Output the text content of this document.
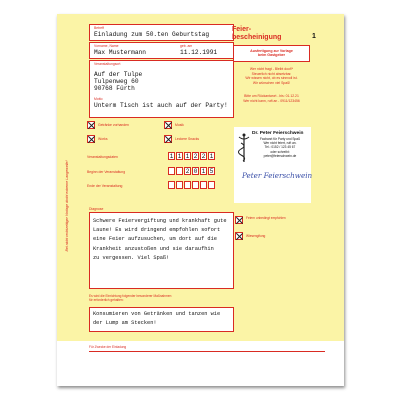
Bei nicht rechtzeitiger Vorlage droht extreme Langeweile!
Betreff
Einladung zum 50.ten Geburtstag
Vorname, Name
Max Mustermann
geb. am
11.12.1991
Veranstaltungsort
Auf der Tulpe
Tulpenweg 60
90768 Fürth
Motto
Unterm Tisch ist auch auf der Party!
Feier-
bescheinigung	1
Ausfertigung zur Vorlage
beim Gastgeber
Wer nicht fragt - Bleibt doof!*
Steuerlich nicht absetzbar.
Wir wissen nicht, ob es sinnvoll ist.
Wir wünschen viel Spaß!
Bitte um Rückantwort - bis: 01.12.21
Wer nicht kann, ruft an - 0911/123456
Getränke vorhanden	Musik
Works	Leckere Snacks
Veranstaltungsdaten	1 1 1 2 2 1
Beginn der Veranstaltung	2 0 1 5
Ende der Veranstaltung
Dr. Peter Feierschwein
Facharzt für Party und Spaß
Wer nicht feiert, ruft an.
Tel.: 0152 / 123 45 67
oder schreibt:
peter@feierschwein.de
Peter Feierschwein
Diagnose
Schwere Feiervergiftung und krankhaft gute
Laune! Es wird dringend empfohlen sofort
eine Feier aufzusuchen, um dort auf die
Krankheit anzustoßen und sie daraufhin
zu vergessen. Viel Spaß!
Feiern unbedingt empfohlen
Wiesengifung
Es wird die Einrichtung folgender besonderer Maßnahmen
für erforderlich gehalten:
Konsumieren von Getränken und tanzen wie
der Lump am Stecken!
Für Zwecke der Einladung
